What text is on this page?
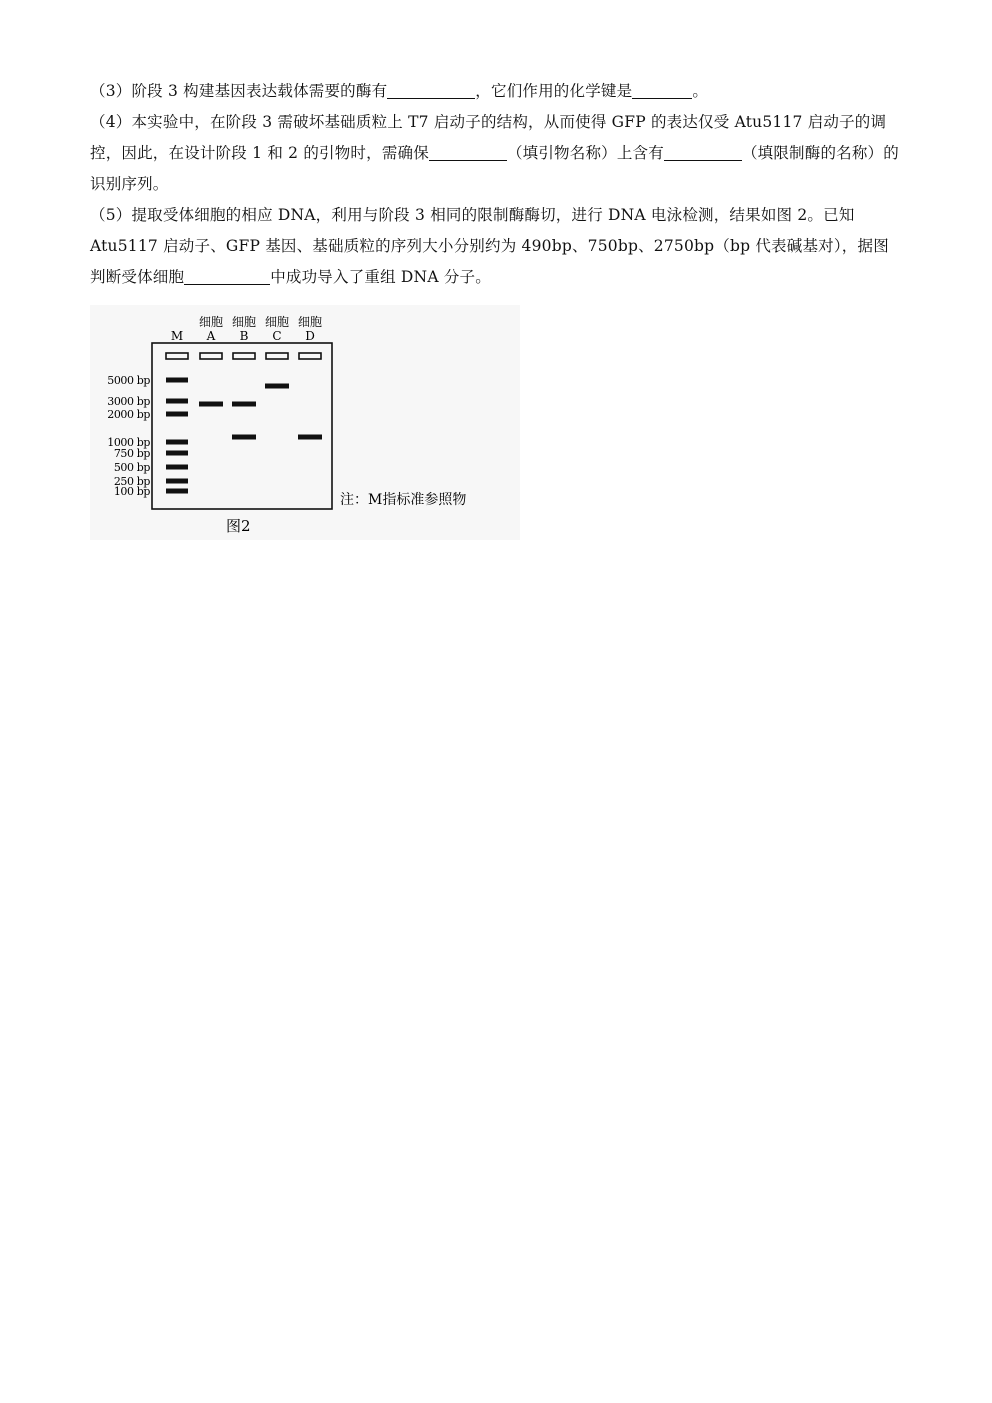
（3）阶段 3 构建基因表达载体需要的酶有	，它们作用的化学键是	。
（4）本实验中，在阶段 3 需破坏基础质粒上 T7 启动子的结构，从而使得 GFP 的表达仅受 Atu5117 启动子的调控，因此，在设计阶段 1 和 2 的引物时，需确保	（填引物名称）上含有	（填限制酶的名称）的识别序列。
（5）提取受体细胞的相应 DNA，利用与阶段 3 相同的限制酶酶切，进行 DNA 电泳检测，结果如图 2。已知 Atu5117 启动子、GFP 基因、基础质粒的序列大小分别约为 490bp、750bp、2750bp（bp 代表碱基对），据图判断受体细胞	中成功导入了重组 DNA 分子。
M
细胞
A
细胞
B
细胞
C
细胞
D
5000 bp
3000 bp
2000 bp
1000 bp
750 bp
500 bp
250 bp
100 bp
注：M指标准参照物
图2
